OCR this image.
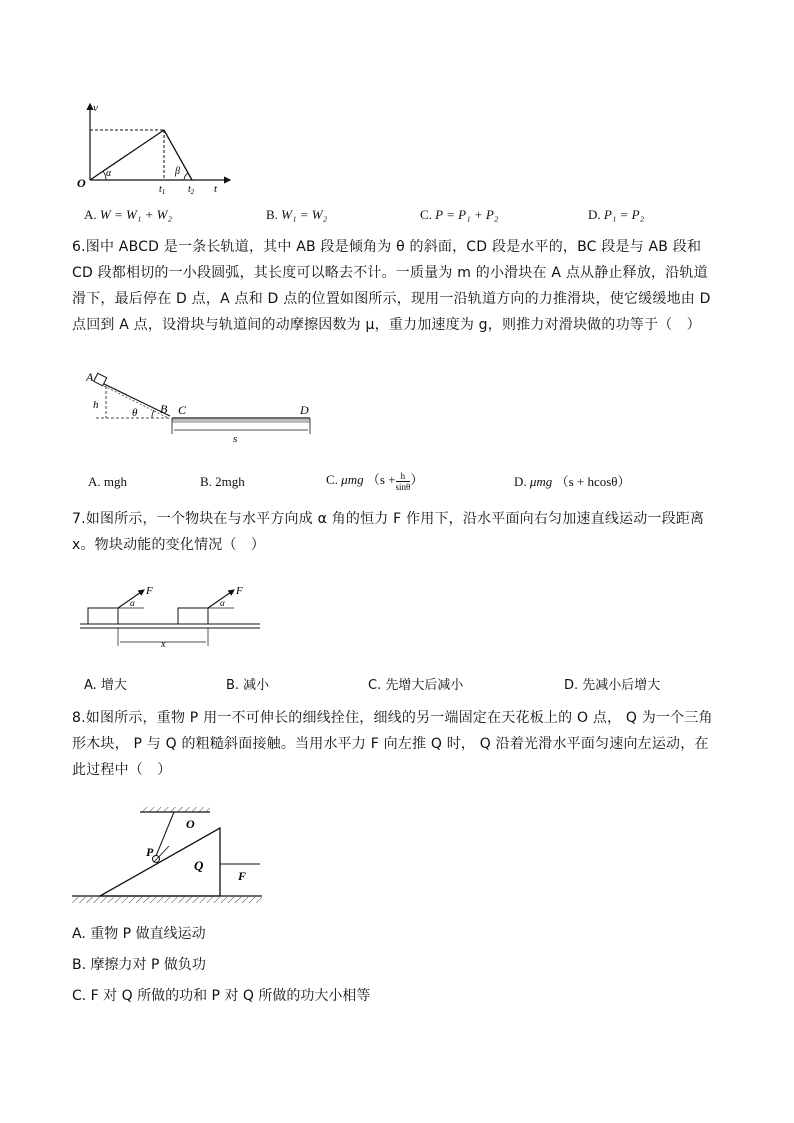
v
O
α	β
$t_1$ $t_2$ t
A. W = W₁ + W₂	B. W₁ = W₂	C. P = P₁ + P₂	D. P₁ = P₂

6.图中 ABCD 是一条长轨道，其中 AB 段是倾角为 θ 的斜面，CD 段是水平的，BC 段是与 AB 段和 CD 段都相切的一小段圆弧，其长度可以略去不计。一质量为 m 的小滑块在 A 点从静止释放，沿轨道滑下，最后停在 D 点，A 点和 D 点的位置如图所示，现用一沿轨道方向的力推滑块，使它缓缓地由 D 点回到 A 点，设滑块与轨道间的动摩擦因数为 μ，重力加速度为 g，则推力对滑块做的功等于（　）

A
h
θ B C	D
s
A. mgh	B. 2mgh	C. μmg （$s + \frac{h}{\sin\theta}$ ）	D. μmg （s + hcosθ）

7.如图所示，一个物块在与水平方向成 α 角的恒力 F 作用下，沿水平面向右匀加速直线运动一段距离 x。物块动能的变化情况（　）

F
α
F
α
x
A. 增大	B. 减小	C. 先增大后减小	D. 先减小后增大

8.如图所示，重物 P 用一不可伸长的细线拴住，细线的另一端固定在天花板上的 O 点， Q 为一个三角形木块， P 与 Q 的粗糙斜面接触。当用水平力 F 向左推 Q 时， Q 沿着光滑水平面匀速向左运动，在此过程中（　）

O
P
Q
F
A. 重物 P 做直线运动
B. 摩擦力对 P 做负功
C. F 对 Q 所做的功和 P 对 Q 所做的功大小相等
